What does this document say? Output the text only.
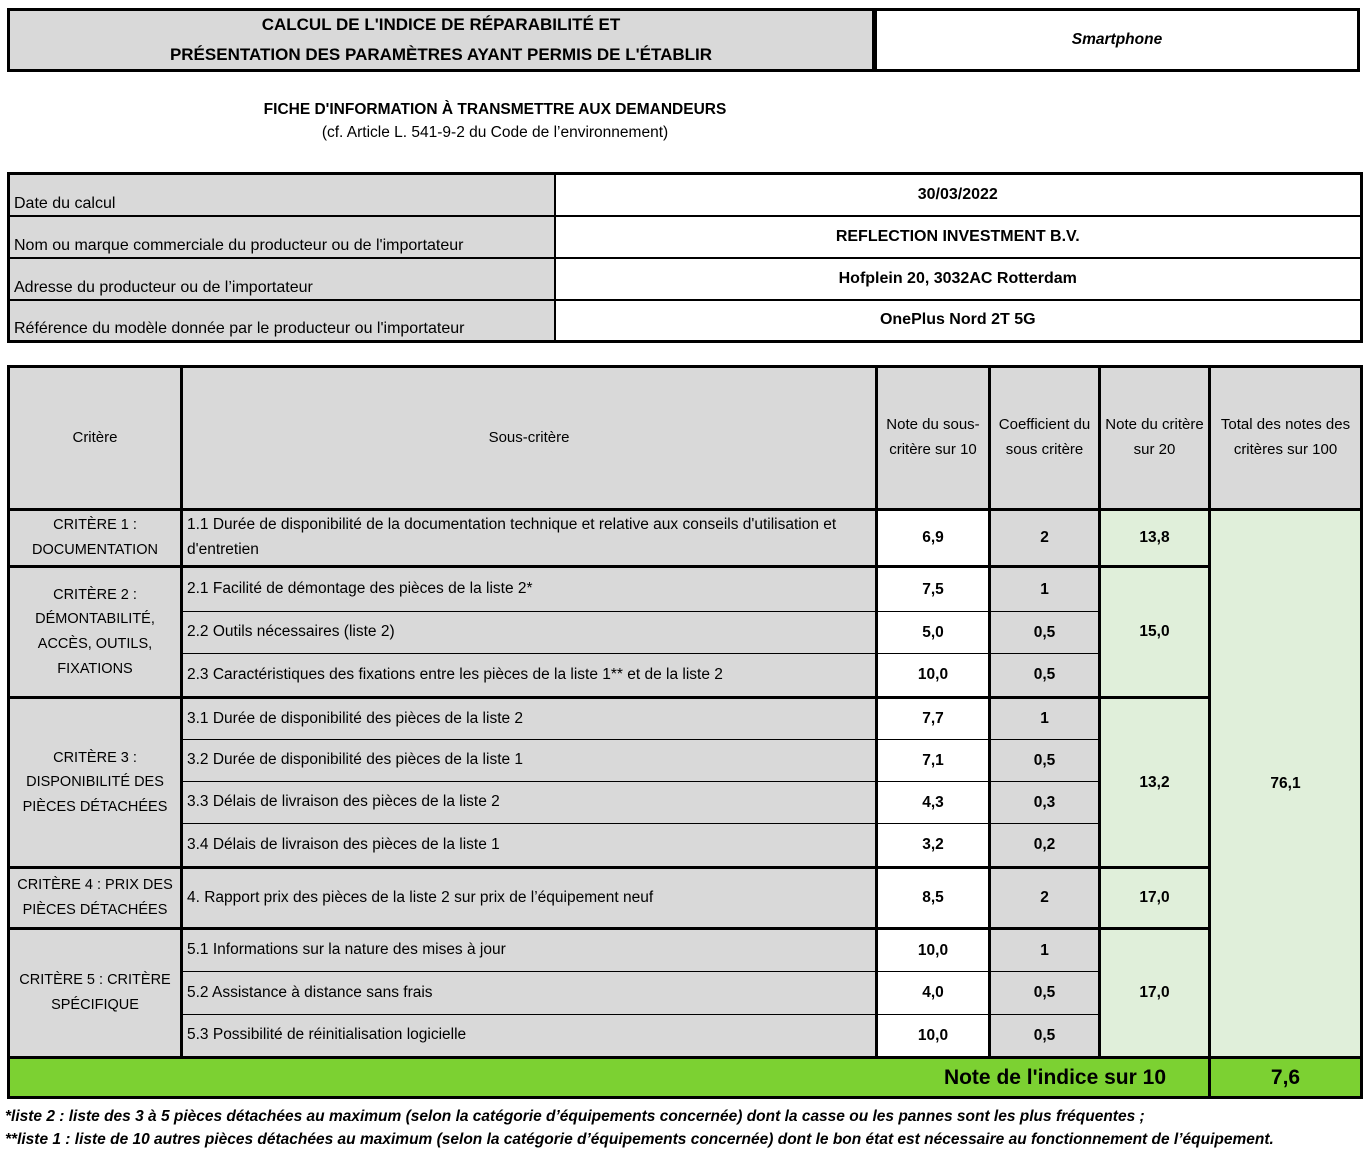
CALCUL DE L'INDICE DE RÉPARABILITÉ ET
PRÉSENTATION DES PARAMÈTRES AYANT PERMIS DE L'ÉTABLIR
Smartphone
FICHE D'INFORMATION À TRANSMETTRE AUX DEMANDEURS
(cf. Article L. 541-9-2 du Code de l’environnement)
Date du calcul	30/03/2022
Nom ou marque commerciale du producteur ou de l'importateur	REFLECTION INVESTMENT B.V.
Adresse du producteur ou de l’importateur	Hofplein 20, 3032AC Rotterdam
Référence du modèle donnée par le producteur ou l'importateur	OnePlus Nord 2T 5G
Critère	Sous-critère	Note du sous-critère sur 10	Coefficient du sous critère	Note du critère sur 20	Total des notes des critères sur 100
CRITÈRE 1 : DOCUMENTATION	1.1 Durée de disponibilité de la documentation technique et relative aux conseils d'utilisation et d'entretien	6,9	2	13,8	76,1
CRITÈRE 2 : DÉMONTABILITÉ, ACCÈS, OUTILS, FIXATIONS	2.1 Facilité de démontage des pièces de la liste 2*	7,5	1	15,0	
	2.2 Outils nécessaires (liste 2)	5,0	0,5		
	2.3 Caractéristiques des fixations entre les pièces de la liste 1** et de la liste 2	10,0	0,5		
CRITÈRE 3 : DISPONIBILITÉ DES PIÈCES DÉTACHÉES	3.1 Durée de disponibilité des pièces de la liste 2	7,7	1	13,2	
	3.2 Durée de disponibilité des pièces de la liste 1	7,1	0,5		
	3.3 Délais de livraison des pièces de la liste 2	4,3	0,3		
	3.4 Délais de livraison des pièces de la liste 1	3,2	0,2		
CRITÈRE 4 : PRIX DES PIÈCES DÉTACHÉES	4. Rapport prix des pièces de la liste 2 sur prix de l’équipement neuf	8,5	2	17,0	
CRITÈRE 5 : CRITÈRE SPÉCIFIQUE	5.1 Informations sur la nature des mises à jour	10,0	1	17,0	
	5.2 Assistance à distance sans frais	4,0	0,5		
	5.3 Possibilité de réinitialisation logicielle	10,0	0,5		
Note de l'indice sur 10					7,6
*liste 2 : liste des 3 à 5 pièces détachées au maximum (selon la catégorie d’équipements concernée) dont la casse ou les pannes sont les plus fréquentes ;
**liste 1 : liste de 10 autres pièces détachées au maximum (selon la catégorie d’équipements concernée) dont le bon état est nécessaire au fonctionnement de l’équipement.
